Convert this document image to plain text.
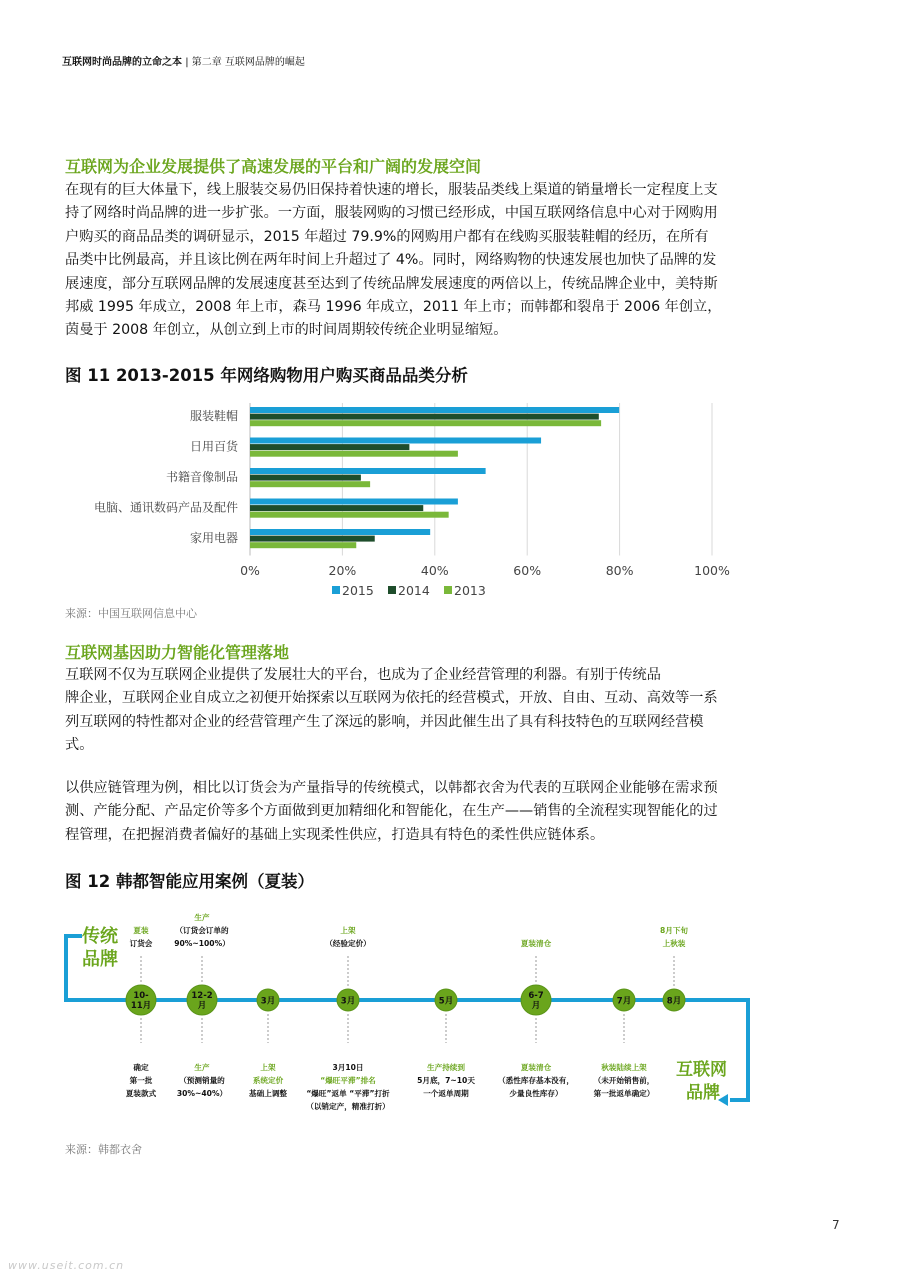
互联网时尚品牌的立命之本 | 第二章 互联网品牌的崛起
互联网为企业发展提供了高速发展的平台和广阔的发展空间
在现有的巨大体量下，线上服装交易仍旧保持着快速的增长，服装品类线上渠道的销量增长一定程度上支
持了网络时尚品牌的进一步扩张。一方面，服装网购的习惯已经形成，中国互联网络信息中心对于网购用
户购买的商品品类的调研显示，2015 年超过 79.9%的网购用户都有在线购买服装鞋帽的经历，在所有
品类中比例最高，并且该比例在两年时间上升超过了 4%。同时，网络购物的快速发展也加快了品牌的发
展速度，部分互联网品牌的发展速度甚至达到了传统品牌发展速度的两倍以上，传统品牌企业中，美特斯
邦威 1995 年成立，2008 年上市，森马 1996 年成立，2011 年上市；而韩都和裂帛于 2006 年创立，
茵曼于 2008 年创立，从创立到上市的时间周期较传统企业明显缩短。
图 11 2013-2015 年网络购物用户购买商品品类分析
0%	20%	40%	60%	80%	100%
服装鞋帽
日用百货
书籍音像制品
电脑、通讯数码产品及配件
家用电器
2015 2014 2013
来源：中国互联网信息中心
互联网基因助力智能化管理落地
互联网不仅为互联网企业提供了发展壮大的平台，也成为了企业经营管理的利器。有别于传统品
牌企业，互联网企业自成立之初便开始探索以互联网为依托的经营模式，开放、自由、互动、高效等一系
列互联网的特性都对企业的经营管理产生了深远的影响，并因此催生出了具有科技特色的互联网经营模
式。
以供应链管理为例，相比以订货会为产量指导的传统模式，以韩都衣舍为代表的互联网企业能够在需求预
测、产能分配、产品定价等多个方面做到更加精细化和智能化，在生产——销售的全流程实现智能化的过
程管理，在把握消费者偏好的基础上实现柔性供应，打造具有特色的柔性供应链体系。
图 12 韩都智能应用案例（夏装）
传统
品牌
互联网
品牌
10-
11月
夏装
订货会
确定
第一批
夏装款式
12-2
月
生产
（订货会订单的
90%~100%）
生产
（预测销量的
30%~40%）
3月
上架
系统定价
基础上调整
3月
上架
（经验定价）
3月10日
“爆旺平滞”排名
“爆旺”返单 “平滞”打折
（以销定产，精准打折）
5月
生产持续到
5月底，7~10天
一个返单周期
6-7
月
夏装清仓
夏装清仓
（悉性库存基本没有，
少量良性库存）
7月
秋装陆续上架
（未开始销售前，
第一批返单确定）
8月
8月下旬
上秋装
来源：韩都衣舍
7
www.useit.com.cn
